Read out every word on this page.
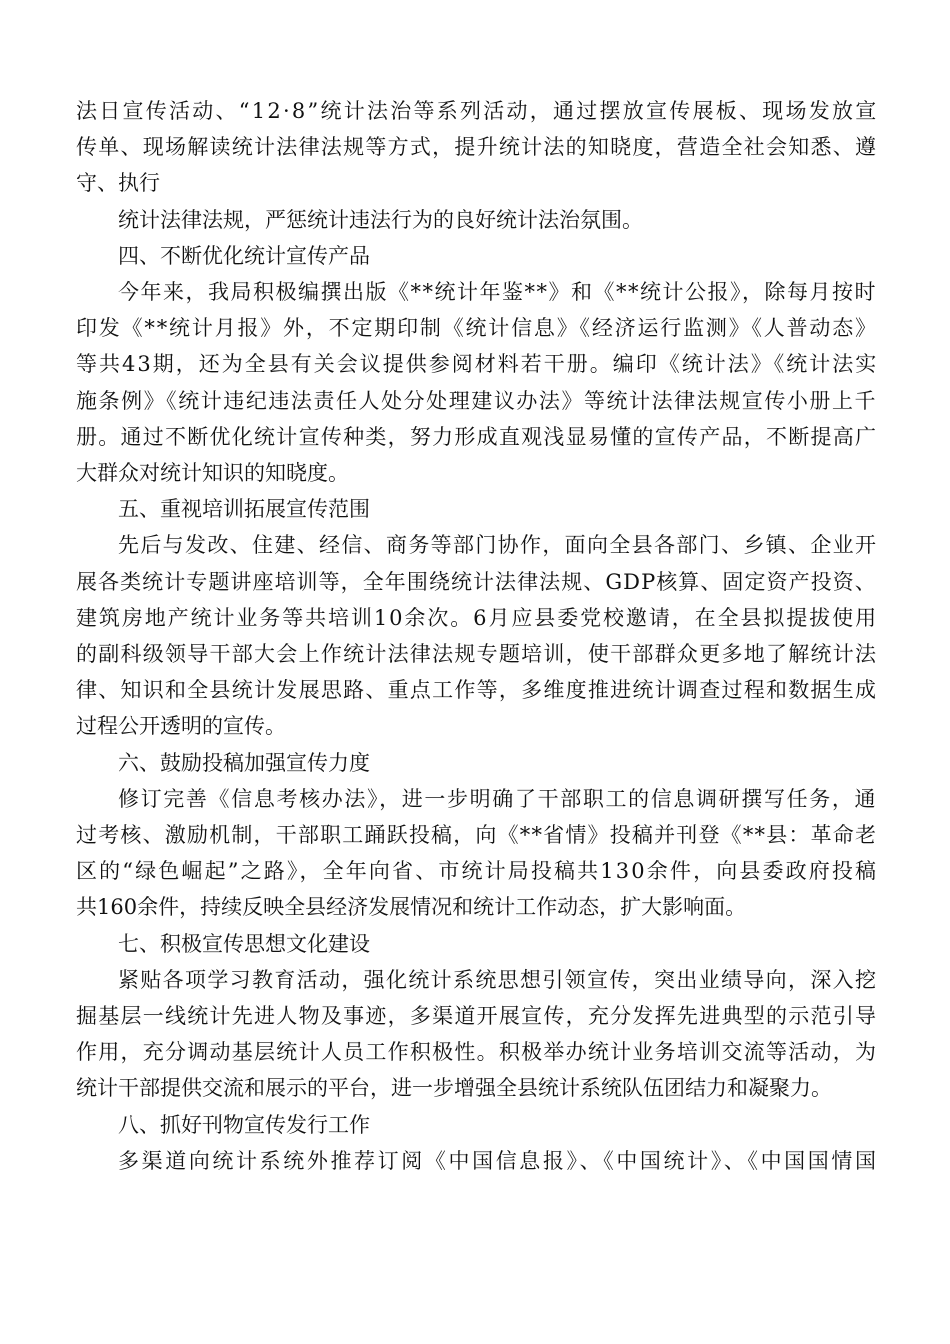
法日宣传活动、“12·8”统计法治等系列活动，通过摆放宣传展板、现场发放宣
传单、现场解读统计法律法规等方式，提升统计法的知晓度，营造全社会知悉、遵
守、执行

统计法律法规，严惩统计违法行为的良好统计法治氛围。

四、不断优化统计宣传产品

今年来，我局积极编撰出版《**统计年鉴**》和《**统计公报》，除每月按时
印发《**统计月报》外，不定期印制《统计信息》《经济运行监测》《人普动态》
等共43期，还为全县有关会议提供参阅材料若干册。编印《统计法》《统计法实
施条例》《统计违纪违法责任人处分处理建议办法》等统计法律法规宣传小册上千
册。通过不断优化统计宣传种类，努力形成直观浅显易懂的宣传产品，不断提高广
大群众对统计知识的知晓度。

五、重视培训拓展宣传范围

先后与发改、住建、经信、商务等部门协作，面向全县各部门、乡镇、企业开
展各类统计专题讲座培训等，全年围绕统计法律法规、GDP核算、固定资产投资、
建筑房地产统计业务等共培训10余次。6月应县委党校邀请，在全县拟提拔使用
的副科级领导干部大会上作统计法律法规专题培训，使干部群众更多地了解统计法
律、知识和全县统计发展思路、重点工作等，多维度推进统计调查过程和数据生成
过程公开透明的宣传。

六、鼓励投稿加强宣传力度

修订完善《信息考核办法》，进一步明确了干部职工的信息调研撰写任务，通
过考核、激励机制，干部职工踊跃投稿，向《**省情》投稿并刊登《**县：革命老
区的“绿色崛起”之路》，全年向省、市统计局投稿共130余件，向县委政府投稿
共160余件，持续反映全县经济发展情况和统计工作动态，扩大影响面。

七、积极宣传思想文化建设

紧贴各项学习教育活动，强化统计系统思想引领宣传，突出业绩导向，深入挖
掘基层一线统计先进人物及事迹，多渠道开展宣传，充分发挥先进典型的示范引导
作用，充分调动基层统计人员工作积极性。积极举办统计业务培训交流等活动，为
统计干部提供交流和展示的平台，进一步增强全县统计系统队伍团结力和凝聚力。

八、抓好刊物宣传发行工作

多渠道向统计系统外推荐订阅《中国信息报》、《中国统计》、《中国国情国
